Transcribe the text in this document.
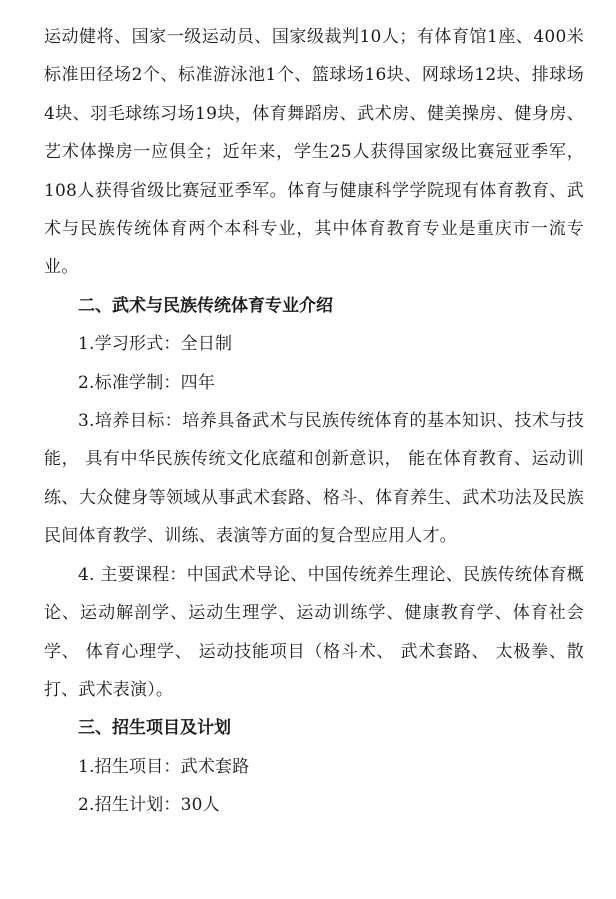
运动健将、国家一级运动员、国家级裁判10人；有体育馆1座、400米标准田径场2个、标准游泳池1个、篮球场16块、网球场12块、排球场4块、羽毛球练习场19块，体育舞蹈房、武术房、健美操房、健身房、艺术体操房一应俱全；近年来，学生25人获得国家级比赛冠亚季军，108人获得省级比赛冠亚季军。体育与健康科学学院现有体育教育、武术与民族传统体育两个本科专业，其中体育教育专业是重庆市一流专业。

二、武术与民族传统体育专业介绍

1.学习形式：全日制

2.标准学制：四年

3.培养目标：培养具备武术与民族传统体育的基本知识、技术与技能， 具有中华民族传统文化底蕴和创新意识， 能在体育教育、运动训练、大众健身等领域从事武术套路、格斗、体育养生、武术功法及民族民间体育教学、训练、表演等方面的复合型应用人才。

4. 主要课程：中国武术导论、中国传统养生理论、民族传统体育概论、运动解剖学、运动生理学、运动训练学、健康教育学、体育社会学、 体育心理学、 运动技能项目（格斗术、 武术套路、 太极拳、散打、武术表演）。

三、招生项目及计划

1.招生项目：武术套路

2.招生计划：30人
